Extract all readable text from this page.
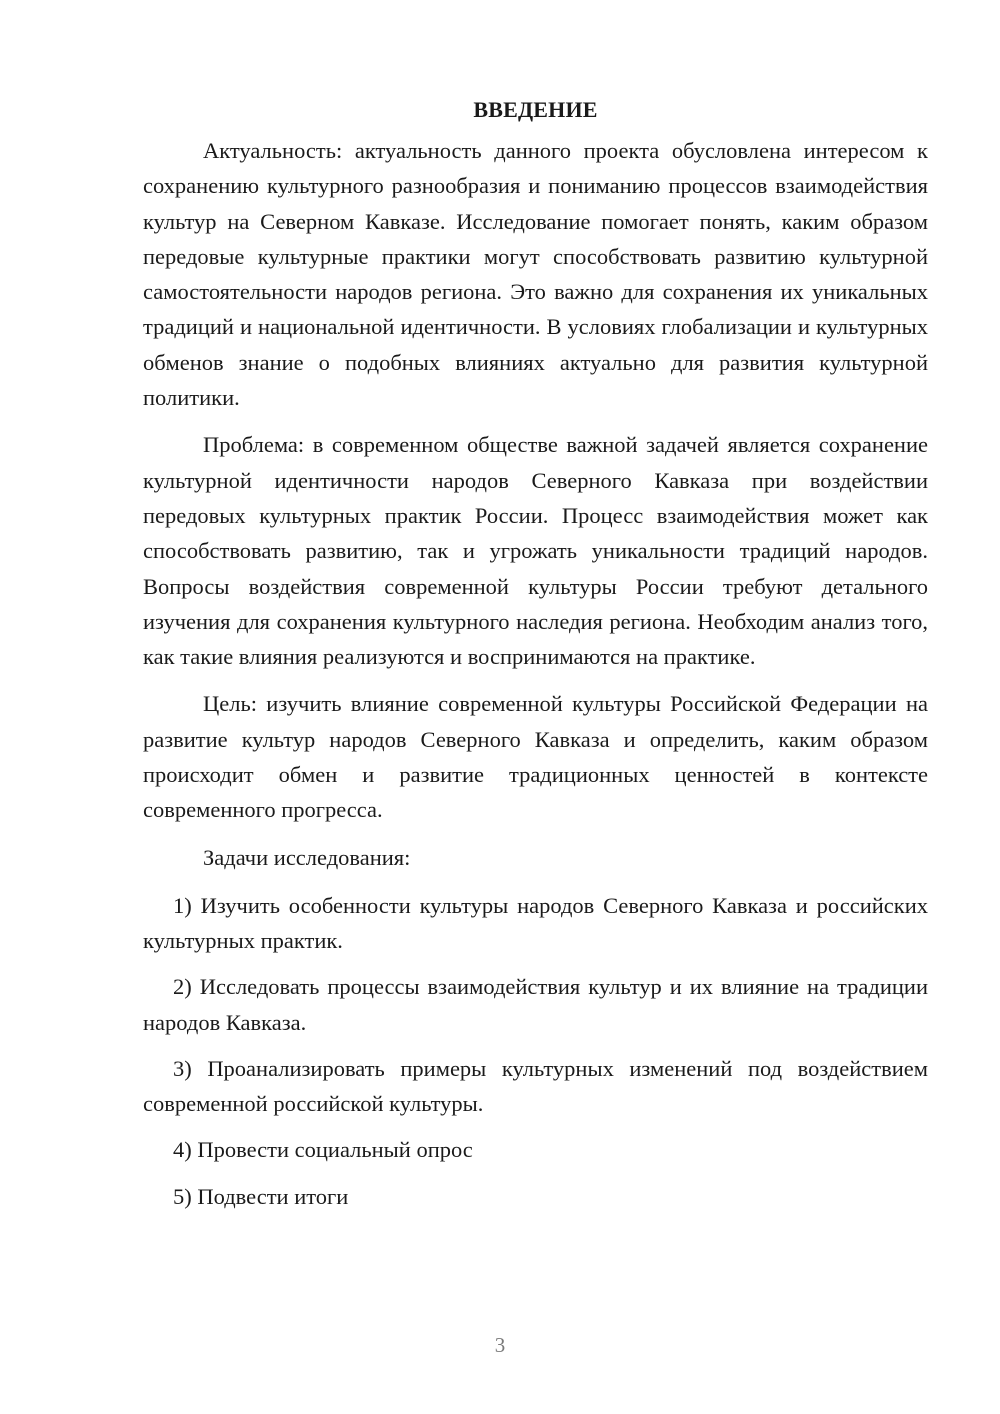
ВВЕДЕНИЕ

Актуальность: актуальность данного проекта обусловлена интересом к сохранению культурного разнообразия и пониманию процессов взаимодействия культур на Северном Кавказе. Исследование помогает понять, каким образом передовые культурные практики могут способствовать развитию культурной самостоятельности народов региона. Это важно для сохранения их уникальных традиций и национальной идентичности. В условиях глобализации и культурных обменов знание о подобных влияниях актуально для развития культурной политики.

Проблема: в современном обществе важной задачей является сохранение культурной идентичности народов Северного Кавказа при воздействии передовых культурных практик России. Процесс взаимодействия может как способствовать развитию, так и угрожать уникальности традиций народов. Вопросы воздействия современной культуры России требуют детального изучения для сохранения культурного наследия региона. Необходим анализ того, как такие влияния реализуются и воспринимаются на практике.

Цель: изучить влияние современной культуры Российской Федерации на развитие культур народов Северного Кавказа и определить, каким образом происходит обмен и развитие традиционных ценностей в контексте современного прогресса.

Задачи исследования:

1) Изучить особенности культуры народов Северного Кавказа и российских культурных практик.

2) Исследовать процессы взаимодействия культур и их влияние на традиции народов Кавказа.

3) Проанализировать примеры культурных изменений под воздействием современной российской культуры.

4) Провести социальный опрос

5) Подвести итоги

3
